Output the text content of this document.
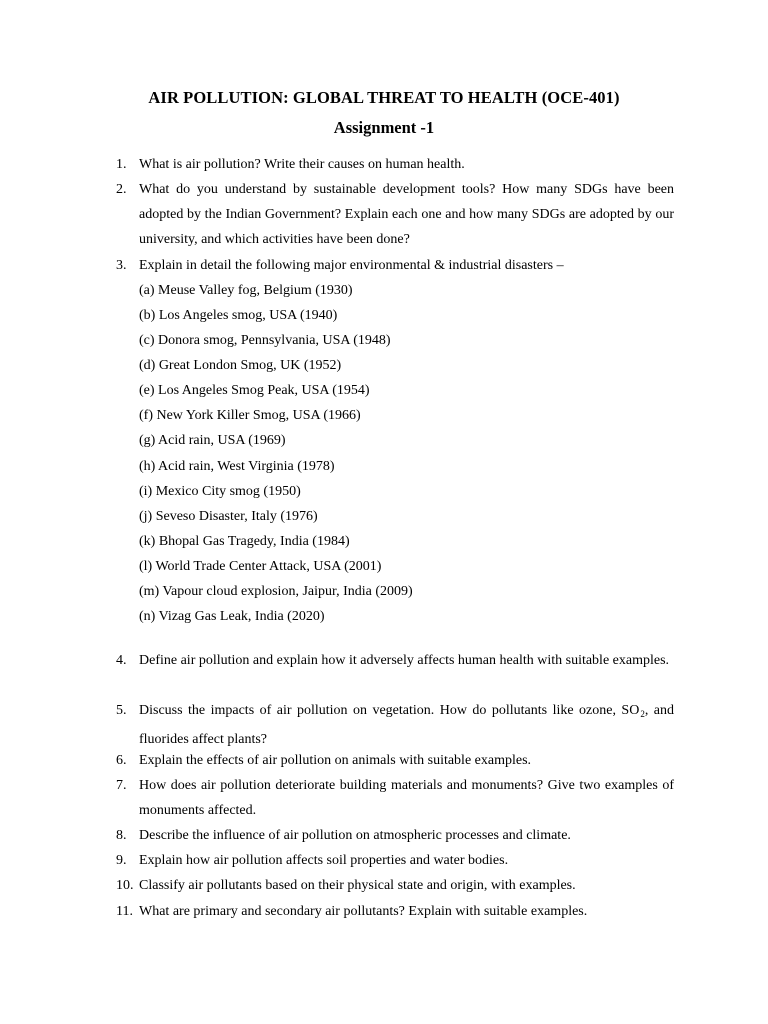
AIR POLLUTION: GLOBAL THREAT TO HEALTH (OCE-401)
Assignment -1
1. What is air pollution? Write their causes on human health.
2. What do you understand by sustainable development tools? How many SDGs have been adopted by the Indian Government? Explain each one and how many SDGs are adopted by our university, and which activities have been done?
3. Explain in detail the following major environmental & industrial disasters –
(a) Meuse Valley fog, Belgium (1930)
(b) Los Angeles smog, USA (1940)
(c) Donora smog, Pennsylvania, USA (1948)
(d) Great London Smog, UK (1952)
(e) Los Angeles Smog Peak, USA (1954)
(f) New York Killer Smog, USA (1966)
(g) Acid rain, USA (1969)
(h) Acid rain, West Virginia (1978)
(i) Mexico City smog (1950)
(j) Seveso Disaster, Italy (1976)
(k) Bhopal Gas Tragedy, India (1984)
(l) World Trade Center Attack, USA (2001)
(m) Vapour cloud explosion, Jaipur, India (2009)
(n) Vizag Gas Leak, India (2020)
4. Define air pollution and explain how it adversely affects human health with suitable examples.
5. Discuss the impacts of air pollution on vegetation. How do pollutants like ozone, $SO_2$, and fluorides affect plants?
6. Explain the effects of air pollution on animals with suitable examples.
7. How does air pollution deteriorate building materials and monuments? Give two examples of monuments affected.
8. Describe the influence of air pollution on atmospheric processes and climate.
9. Explain how air pollution affects soil properties and water bodies.
10. Classify air pollutants based on their physical state and origin, with examples.
11. What are primary and secondary air pollutants? Explain with suitable examples.
